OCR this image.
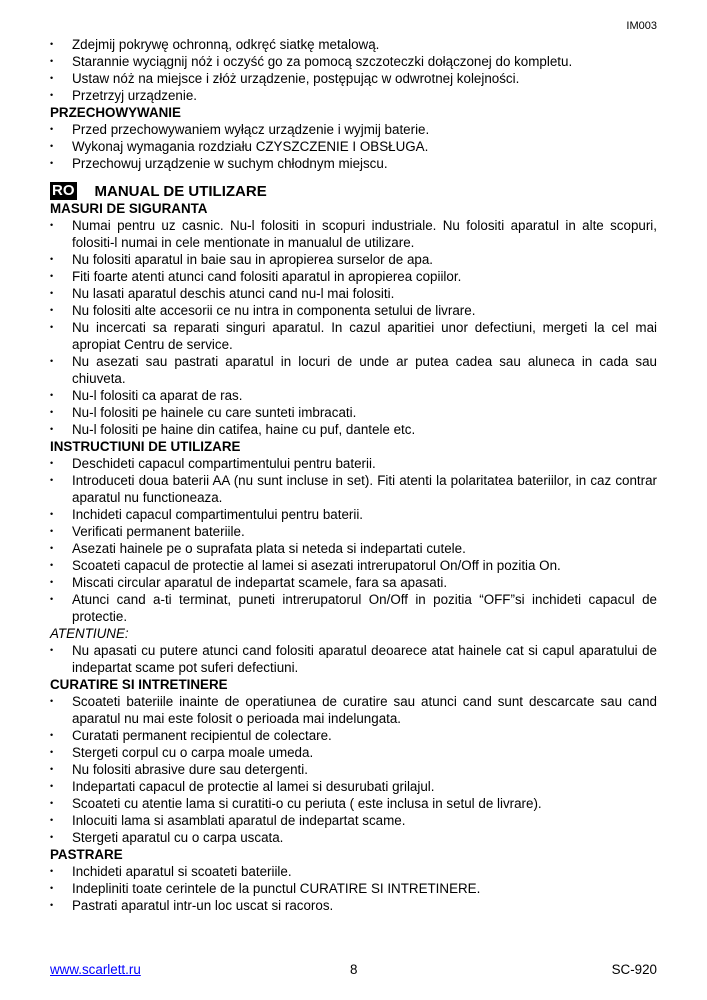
IM003
• Zdejmij pokrywę ochronną, odkręć siatkę metalową.
• Starannie wyciągnij nóż i oczyść go za pomocą szczoteczki dołączonej do kompletu.
• Ustaw nóż na miejsce i złóż urządzenie, postępując w odwrotnej kolejności.
• Przetrzyj urządzenie.
PRZECHOWYWANIE
• Przed przechowywaniem wyłącz urządzenie i wyjmij baterie.
• Wykonaj wymagania rozdziału CZYSZCZENIE I OBSŁUGA.
• Przechowuj urządzenie w suchym chłodnym miejscu.
RO MANUAL DE UTILIZARE
MASURI DE SIGURANTA
• Numai pentru uz casnic. Nu-l folositi in scopuri industriale. Nu folositi aparatul in alte scopuri, folositi-l numai in cele mentionate in manualul de utilizare.
• Nu folositi aparatul in baie sau in apropierea surselor de apa.
• Fiti foarte atenti atunci cand folositi aparatul in apropierea copiilor.
• Nu lasati aparatul deschis atunci cand nu-l mai folositi.
• Nu folositi alte accesorii ce nu intra in componenta setului de livrare.
• Nu incercati sa reparati singuri aparatul. In cazul aparitiei unor defectiuni, mergeti la cel mai apropiat Centru de service.
• Nu asezati sau pastrati aparatul in locuri de unde ar putea cadea sau aluneca in cada sau chiuveta.
• Nu-l folositi ca aparat de ras.
• Nu-l folositi pe hainele cu care sunteti imbracati.
• Nu-l folositi pe haine din catifea, haine cu puf, dantele etc.
INSTRUCTIUNI DE UTILIZARE
• Deschideti capacul compartimentului pentru baterii.
• Introduceti doua baterii AA (nu sunt incluse in set). Fiti atenti la polaritatea bateriilor, in caz contrar aparatul nu functioneaza.
• Inchideti capacul compartimentului pentru baterii.
• Verificati permanent bateriile.
• Asezati hainele pe o suprafata plata si neteda si indepartati cutele.
• Scoateti capacul de protectie al lamei si asezati intrerupatorul On/Off in pozitia On.
• Miscati circular aparatul de indepartat scamele, fara sa apasati.
• Atunci cand a-ti terminat, puneti intrerupatorul On/Off in pozitia “OFF”si inchideti capacul de protectie.
ATENTIUNE:
• Nu apasati cu putere atunci cand folositi aparatul deoarece atat hainele cat si capul aparatului de indepartat scame pot suferi defectiuni.
CURATIRE SI INTRETINERE
• Scoateti bateriile inainte de operatiunea de curatire sau atunci cand sunt descarcate sau cand aparatul nu mai este folosit o perioada mai indelungata.
• Curatati permanent recipientul de colectare.
• Stergeti corpul cu o carpa moale umeda.
• Nu folositi abrasive dure sau detergenti.
• Indepartati capacul de protectie al lamei si desurubati grilajul.
• Scoateti cu atentie lama si curatiti-o cu periuta ( este inclusa in setul de livrare).
• Inlocuiti lama si asamblati aparatul de indepartat scame.
• Stergeti aparatul cu o carpa uscata.
PASTRARE
• Inchideti aparatul si scoateti bateriile.
• Indepliniti toate cerintele de la punctul CURATIRE SI INTRETINERE.
• Pastrati aparatul intr-un loc uscat si racoros.
www.scarlett.ru	8	SC-920
